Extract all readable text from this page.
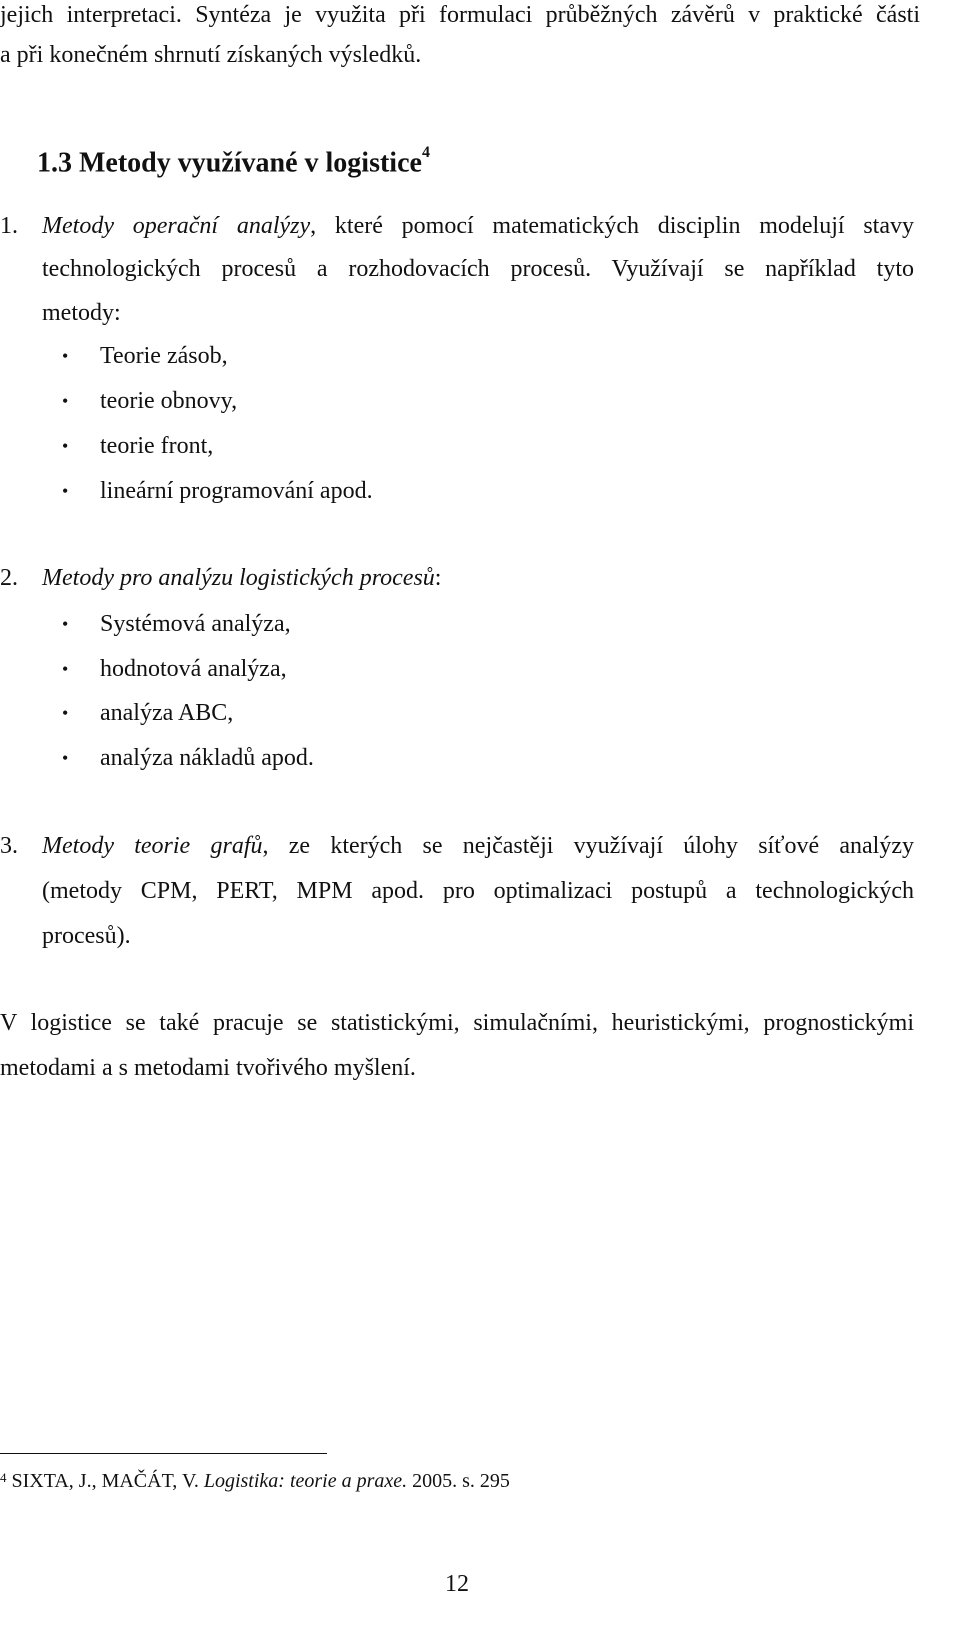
jejich interpretaci. Syntéza je využita při formulaci průběžných závěrů v praktické části
a při konečném shrnutí získaných výsledků.
1.3 Metody využívané v logistice$^4$
1. Metody operační analýzy, které pomocí matematických disciplin modelují stavy
technologických procesů a rozhodovacích procesů. Využívají se například tyto
metody:
• Teorie zásob,
• teorie obnovy,
• teorie front,
• lineární programování apod.
2. Metody pro analýzu logistických procesů:
• Systémová analýza,
• hodnotová analýza,
• analýza ABC,
• analýza nákladů apod.
3. Metody teorie grafů, ze kterých se nejčastěji využívají úlohy síťové analýzy
(metody CPM, PERT, MPM apod. pro optimalizaci postupů a technologických
procesů).
V logistice se také pracuje se statistickými, simulačními, heuristickými, prognostickými
metodami a s metodami tvořivého myšlení.
$^4$ SIXTA, J., MAČÁT, V. Logistika: teorie a praxe. 2005. s. 295
12
